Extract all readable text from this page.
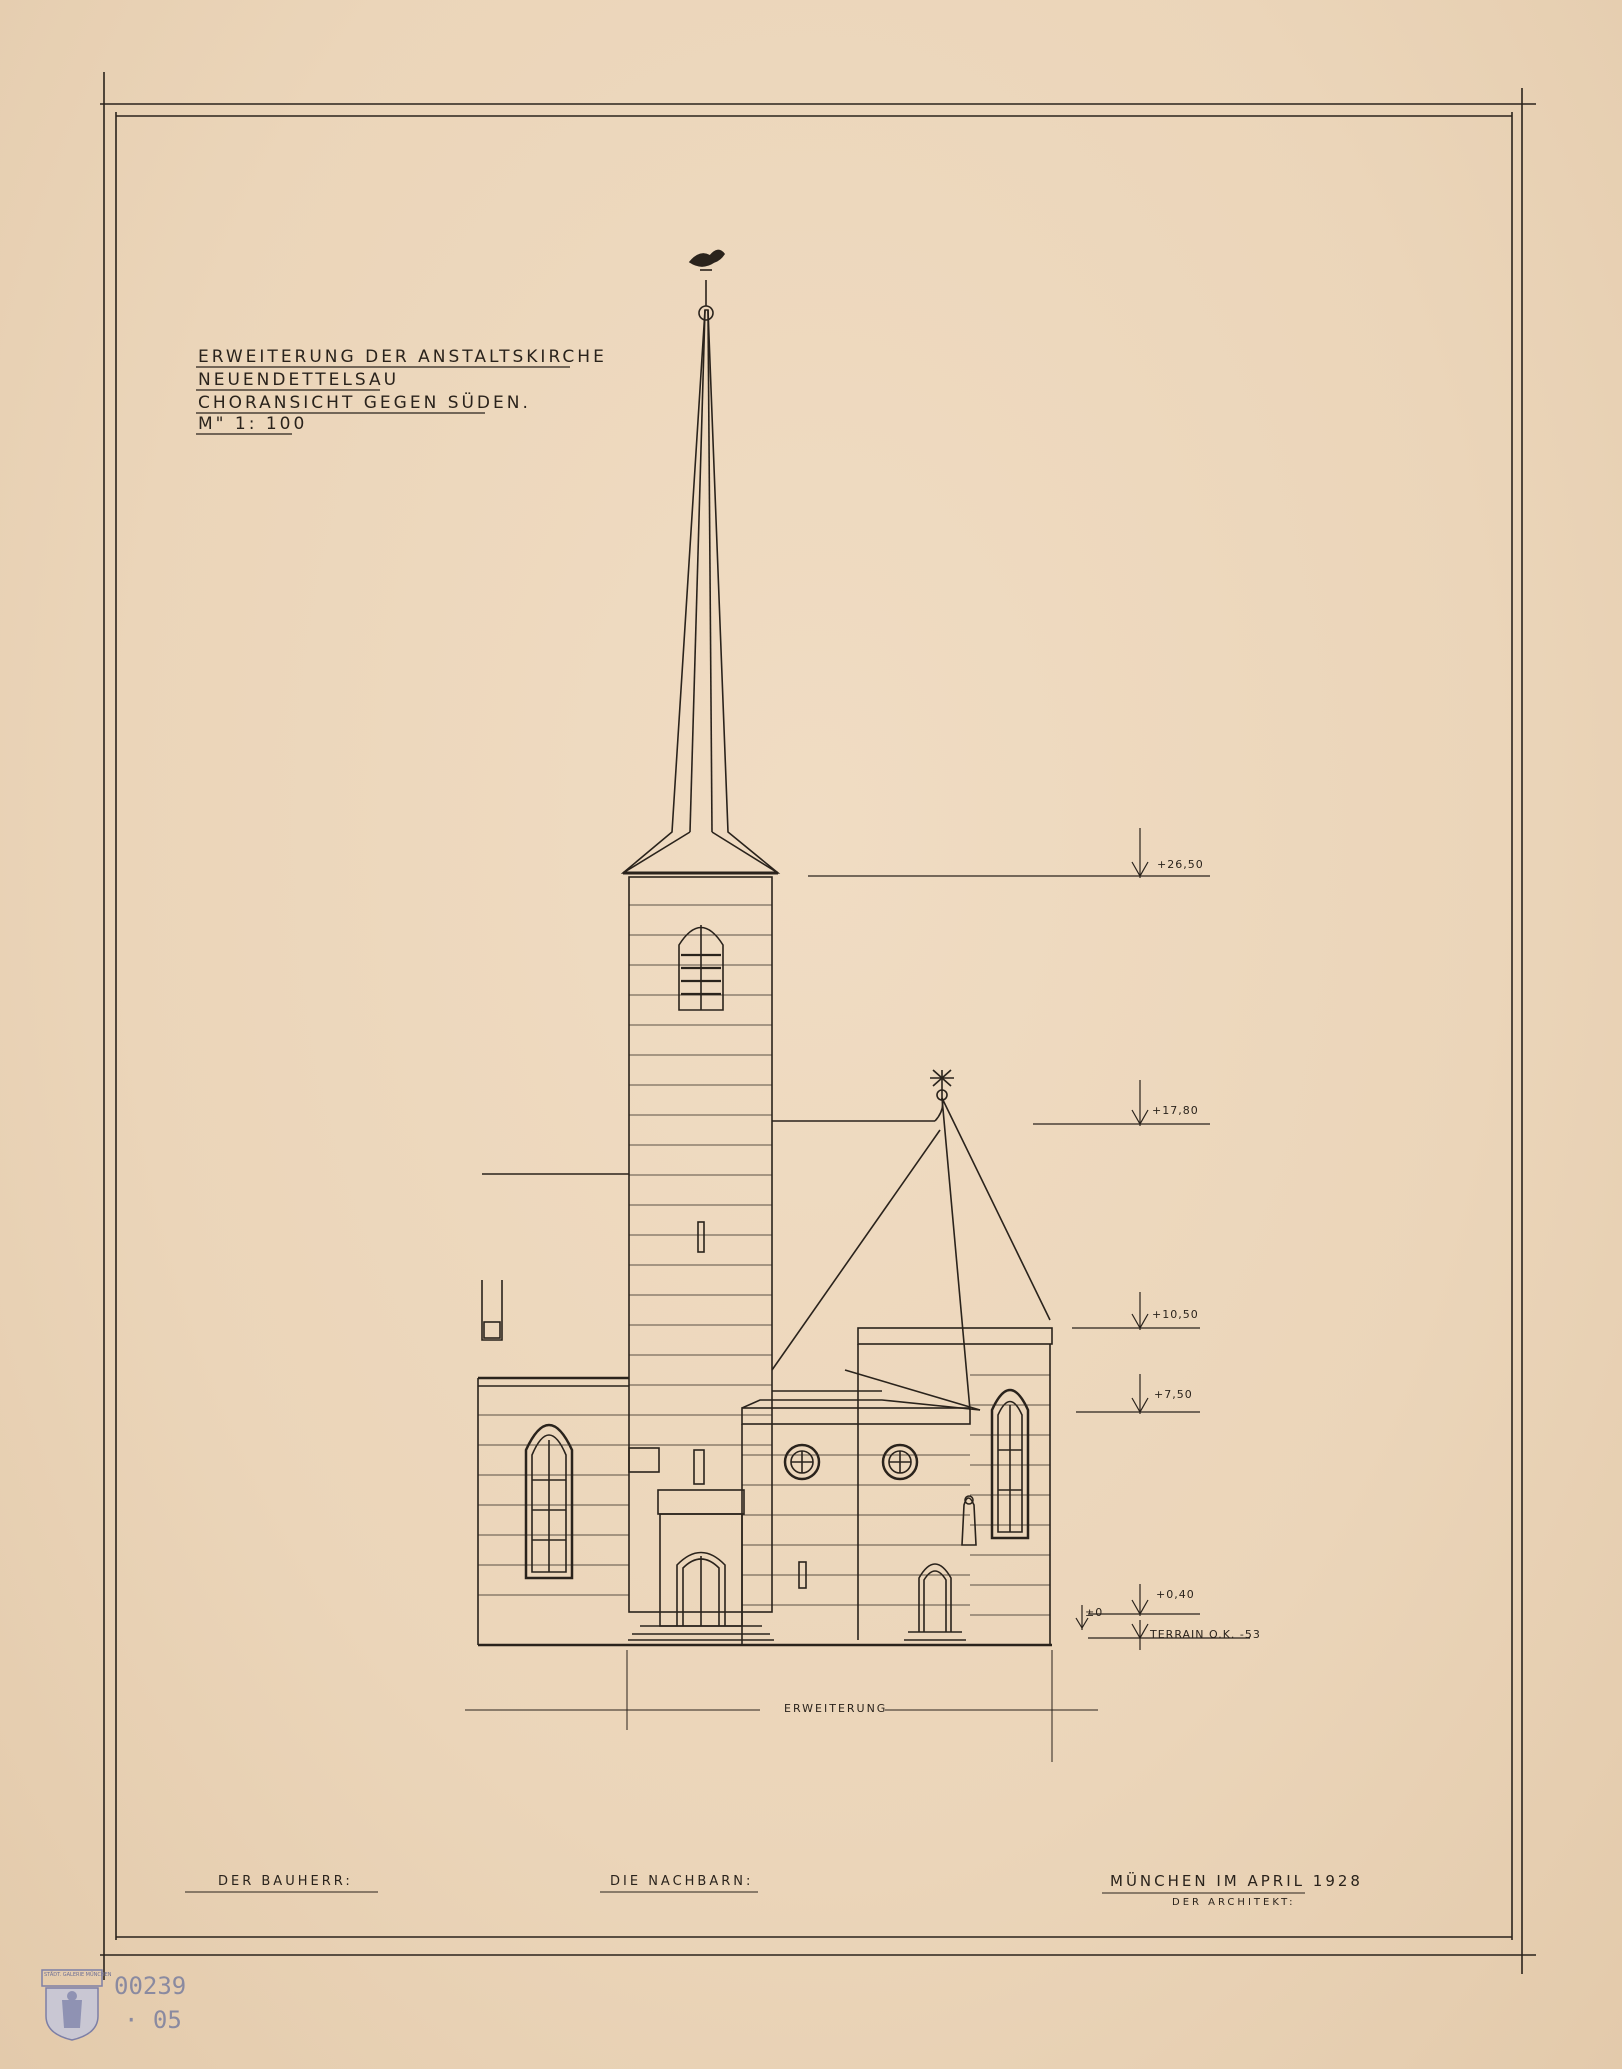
ERWEITERUNG DER ANSTALTSKIRCHE
NEUENDETTELSAU
CHORANSICHT GEGEN SÜDEN.
M" 1: 100
+26,50
+17,80
+10,50
+7,50
+0,40
±0
TERRAIN O.K. -53
ERWEITERUNG
DER BAUHERR:	DIE NACHBARN:	MÜNCHEN IM APRIL 1928
DER ARCHITEKT:
STÄDT. GALERIE MÜNCHEN 00239
· 05
